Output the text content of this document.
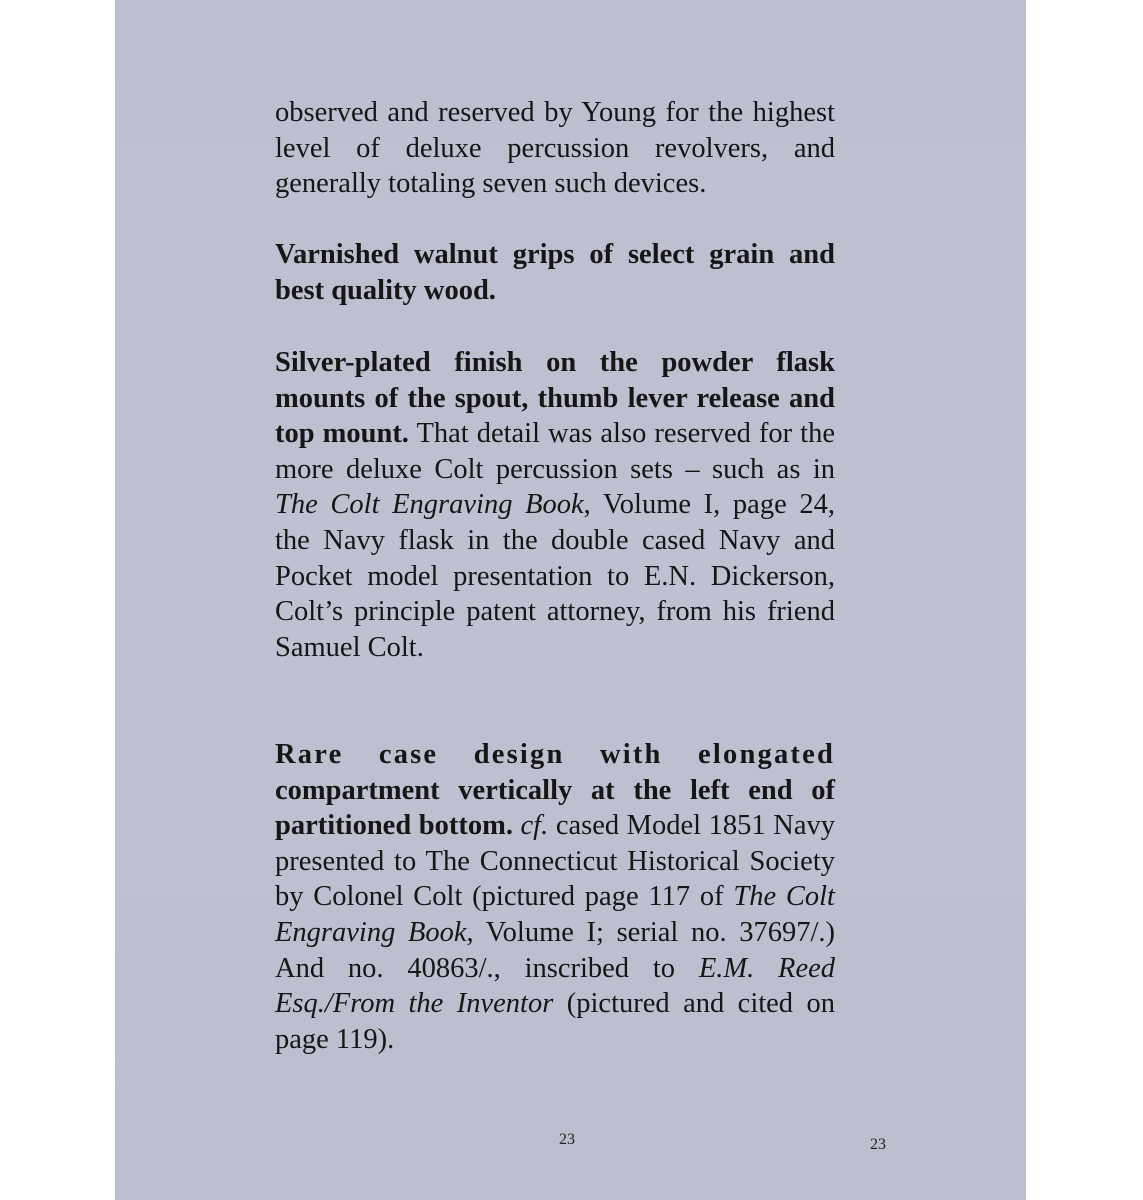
observed and reserved by Young for the highest level of deluxe percussion revolvers, and generally totaling seven such devices.

Varnished walnut grips of select grain and best quality wood.

Silver-plated finish on the powder flask mounts of the spout, thumb lever release and top mount. That detail was also reserved for the more deluxe Colt percussion sets – such as in The Colt Engraving Book, Volume I, page 24, the Navy flask in the double cased Navy and Pocket model presentation to E.N. Dickerson, Colt’s principle patent attorney, from his friend Samuel Colt.

Rare case design with elongated compartment vertically at the left end of partitioned bottom. cf. cased Model 1851 Navy presented to The Connecticut Historical Society by Colonel Colt (pictured page 117 of The Colt Engraving Book, Volume I; serial no. 37697/.) And no. 40863/., inscribed to E.M. Reed Esq./From the Inventor (pictured and cited on page 119).

23	23
